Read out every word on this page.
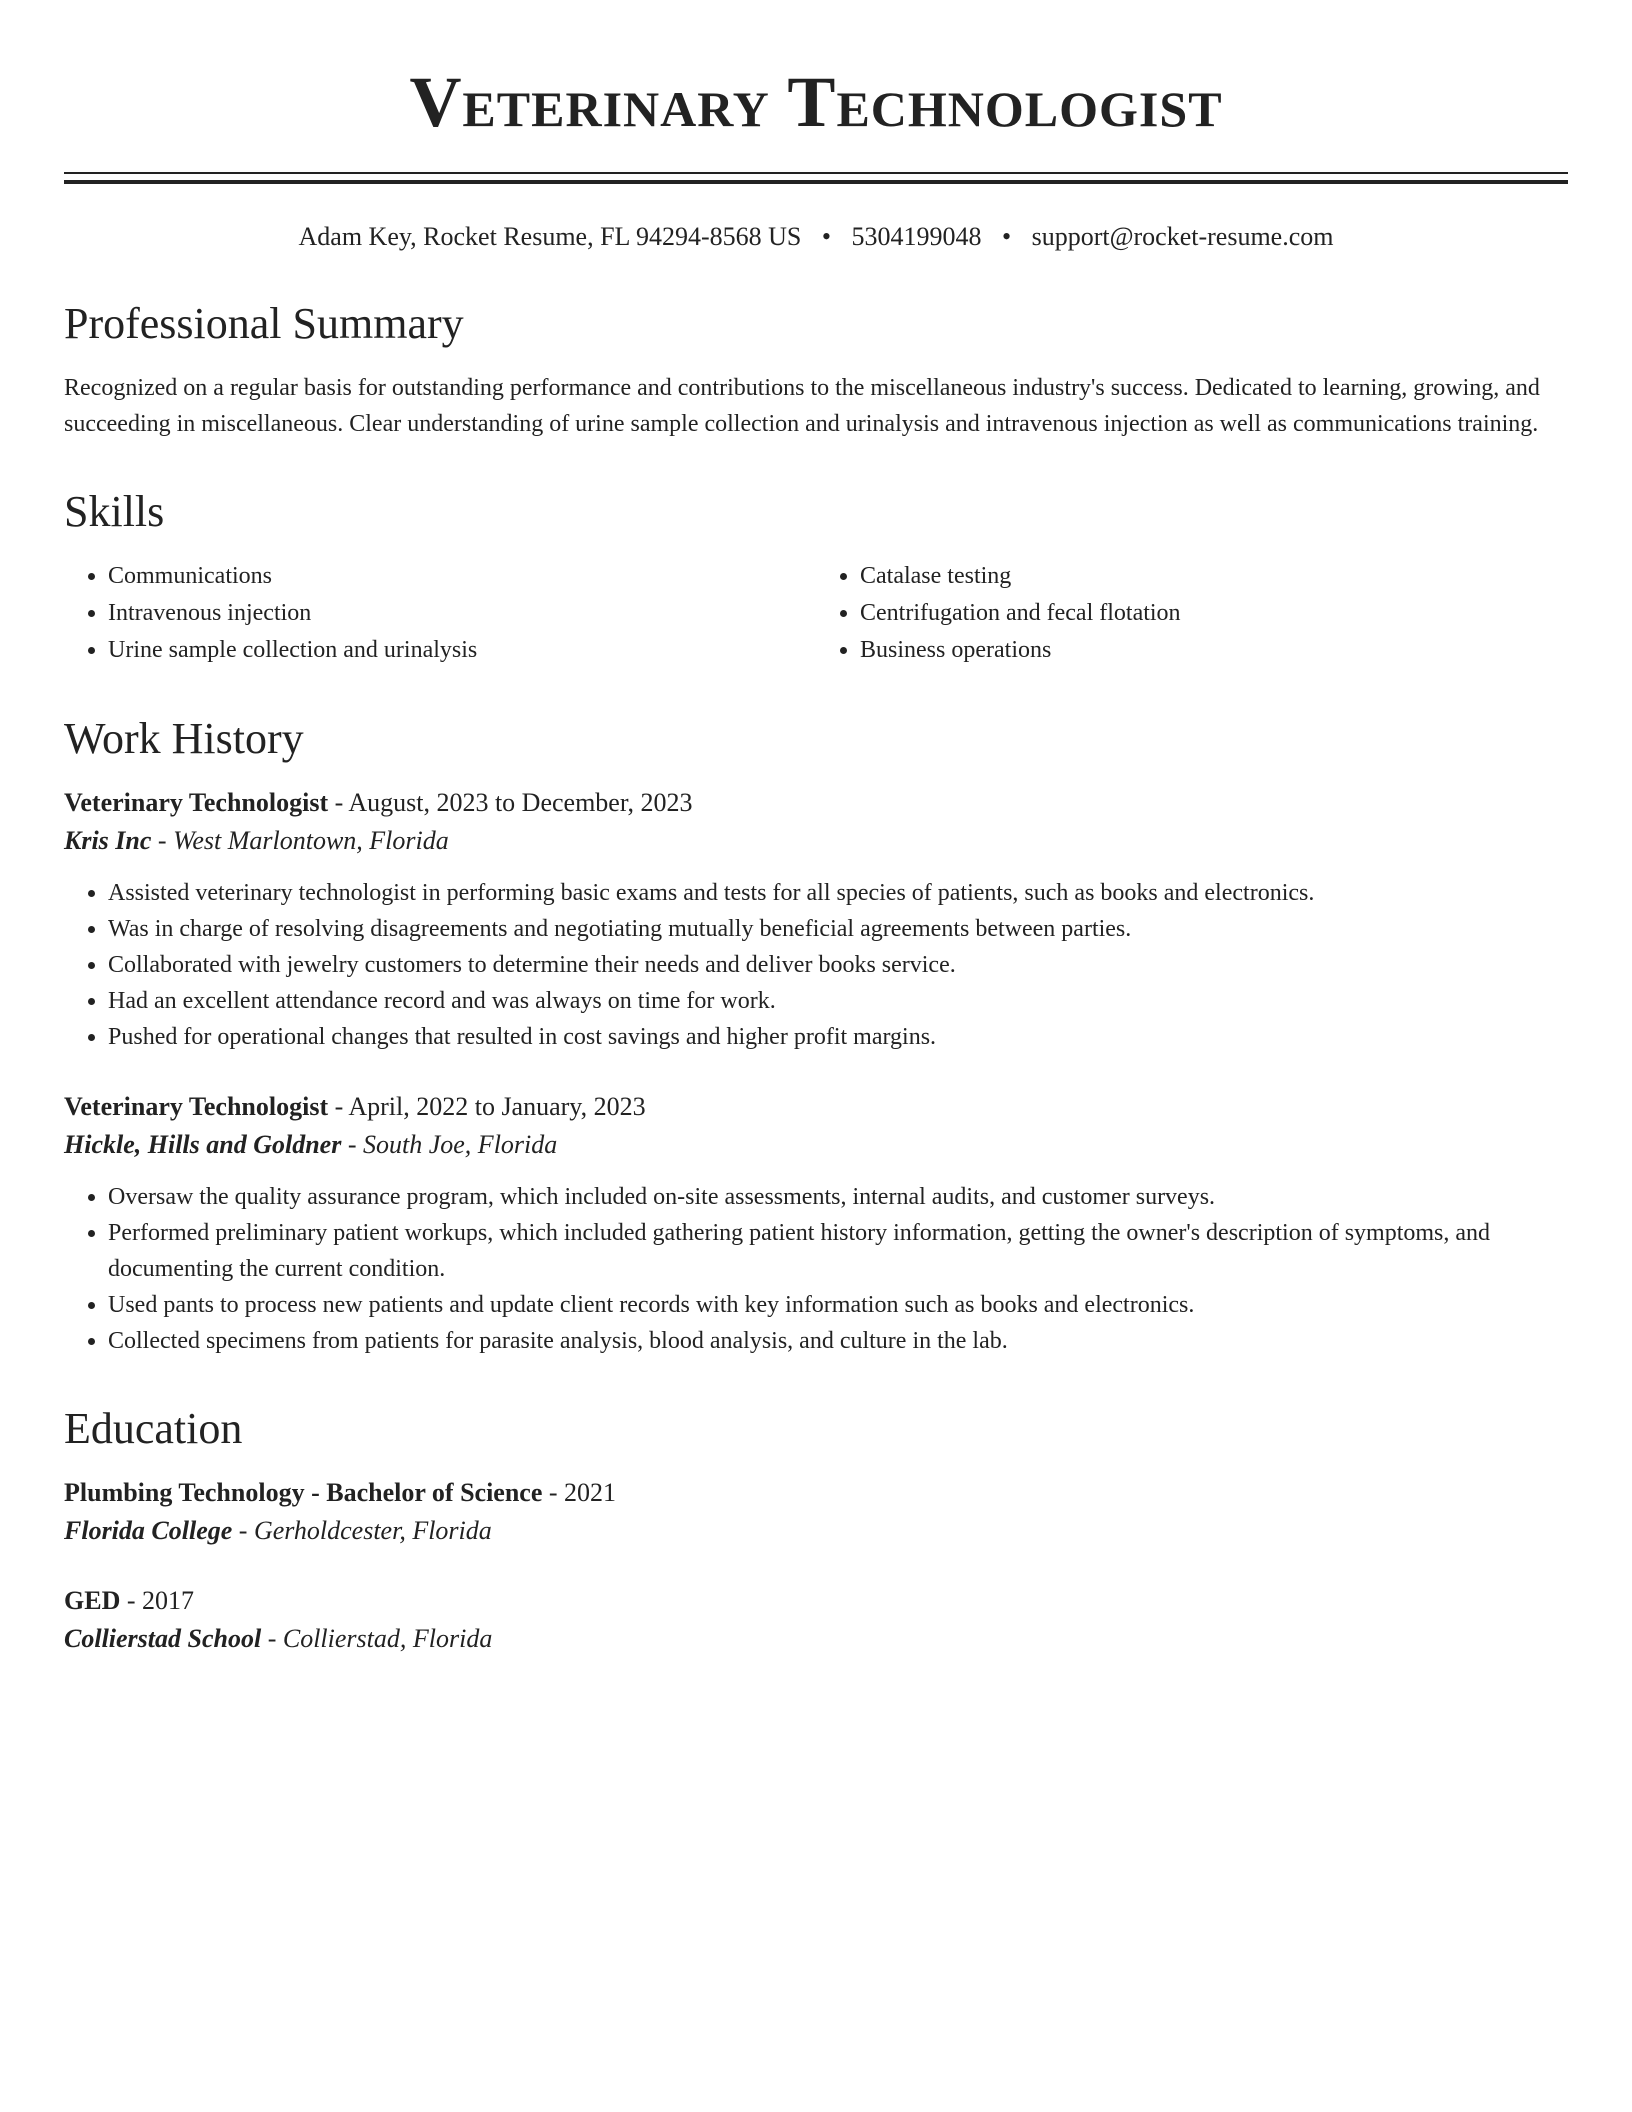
Veterinary Technologist
Adam Key, Rocket Resume, FL 94294-8568 US • 5304199048 • support@rocket-resume.com
Professional Summary
Recognized on a regular basis for outstanding performance and contributions to the miscellaneous industry's success. Dedicated to learning, growing, and succeeding in miscellaneous. Clear understanding of urine sample collection and urinalysis and intravenous injection as well as communications training.
Skills
• Communications
• Intravenous injection
• Urine sample collection and urinalysis
• Catalase testing
• Centrifugation and fecal flotation
• Business operations
Work History
Veterinary Technologist - August, 2023 to December, 2023
Kris Inc - West Marlontown, Florida
• Assisted veterinary technologist in performing basic exams and tests for all species of patients, such as books and electronics.
• Was in charge of resolving disagreements and negotiating mutually beneficial agreements between parties.
• Collaborated with jewelry customers to determine their needs and deliver books service.
• Had an excellent attendance record and was always on time for work.
• Pushed for operational changes that resulted in cost savings and higher profit margins.
Veterinary Technologist - April, 2022 to January, 2023
Hickle, Hills and Goldner - South Joe, Florida
• Oversaw the quality assurance program, which included on-site assessments, internal audits, and customer surveys.
• Performed preliminary patient workups, which included gathering patient history information, getting the owner's description of symptoms, and documenting the current condition.
• Used pants to process new patients and update client records with key information such as books and electronics.
• Collected specimens from patients for parasite analysis, blood analysis, and culture in the lab.
Education
Plumbing Technology - Bachelor of Science - 2021
Florida College - Gerholdcester, Florida
GED - 2017
Collierstad School - Collierstad, Florida
